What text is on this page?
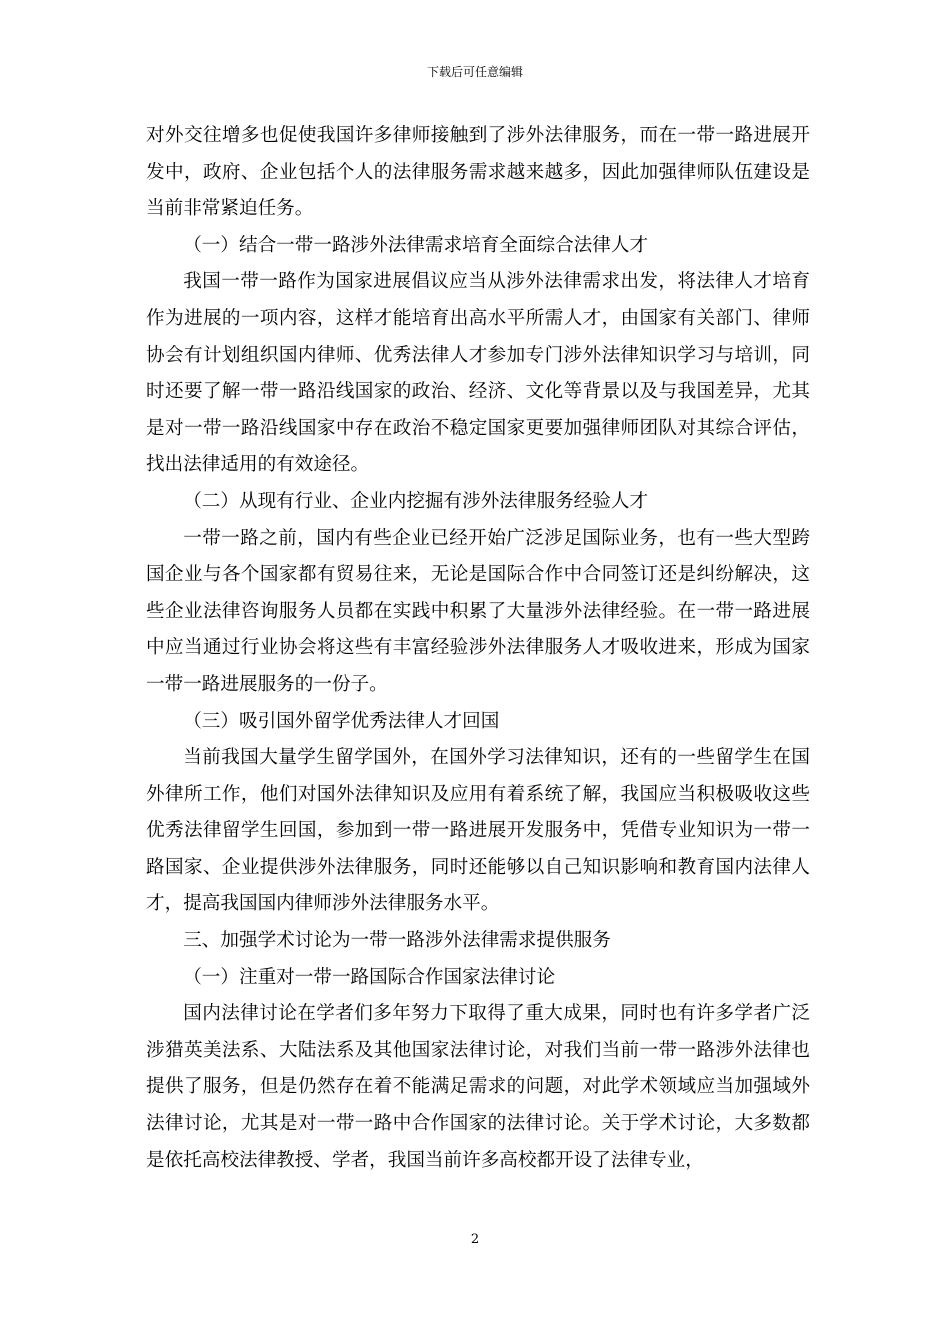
下载后可任意编辑

对外交往增多也促使我国许多律师接触到了涉外法律服务，而在一带一路进展开发中，政府、企业包括个人的法律服务需求越来越多，因此加强律师队伍建设是当前非常紧迫任务。

（一）结合一带一路涉外法律需求培育全面综合法律人才

我国一带一路作为国家进展倡议应当从涉外法律需求出发，将法律人才培育作为进展的一项内容，这样才能培育出高水平所需人才，由国家有关部门、律师协会有计划组织国内律师、优秀法律人才参加专门涉外法律知识学习与培训，同时还要了解一带一路沿线国家的政治、经济、文化等背景以及与我国差异，尤其是对一带一路沿线国家中存在政治不稳定国家更要加强律师团队对其综合评估，找出法律适用的有效途径。

（二）从现有行业、企业内挖掘有涉外法律服务经验人才

一带一路之前，国内有些企业已经开始广泛涉足国际业务，也有一些大型跨国企业与各个国家都有贸易往来，无论是国际合作中合同签订还是纠纷解决，这些企业法律咨询服务人员都在实践中积累了大量涉外法律经验。在一带一路进展中应当通过行业协会将这些有丰富经验涉外法律服务人才吸收进来，形成为国家一带一路进展服务的一份子。

（三）吸引国外留学优秀法律人才回国

当前我国大量学生留学国外，在国外学习法律知识，还有的一些留学生在国外律所工作，他们对国外法律知识及应用有着系统了解，我国应当积极吸收这些优秀法律留学生回国，参加到一带一路进展开发服务中，凭借专业知识为一带一路国家、企业提供涉外法律服务，同时还能够以自己知识影响和教育国内法律人才，提高我国国内律师涉外法律服务水平。

三、加强学术讨论为一带一路涉外法律需求提供服务

（一）注重对一带一路国际合作国家法律讨论

国内法律讨论在学者们多年努力下取得了重大成果，同时也有许多学者广泛涉猎英美法系、大陆法系及其他国家法律讨论，对我们当前一带一路涉外法律也提供了服务，但是仍然存在着不能满足需求的问题，对此学术领域应当加强域外法律讨论，尤其是对一带一路中合作国家的法律讨论。关于学术讨论，大多数都是依托高校法律教授、学者，我国当前许多高校都开设了法律专业，

2
